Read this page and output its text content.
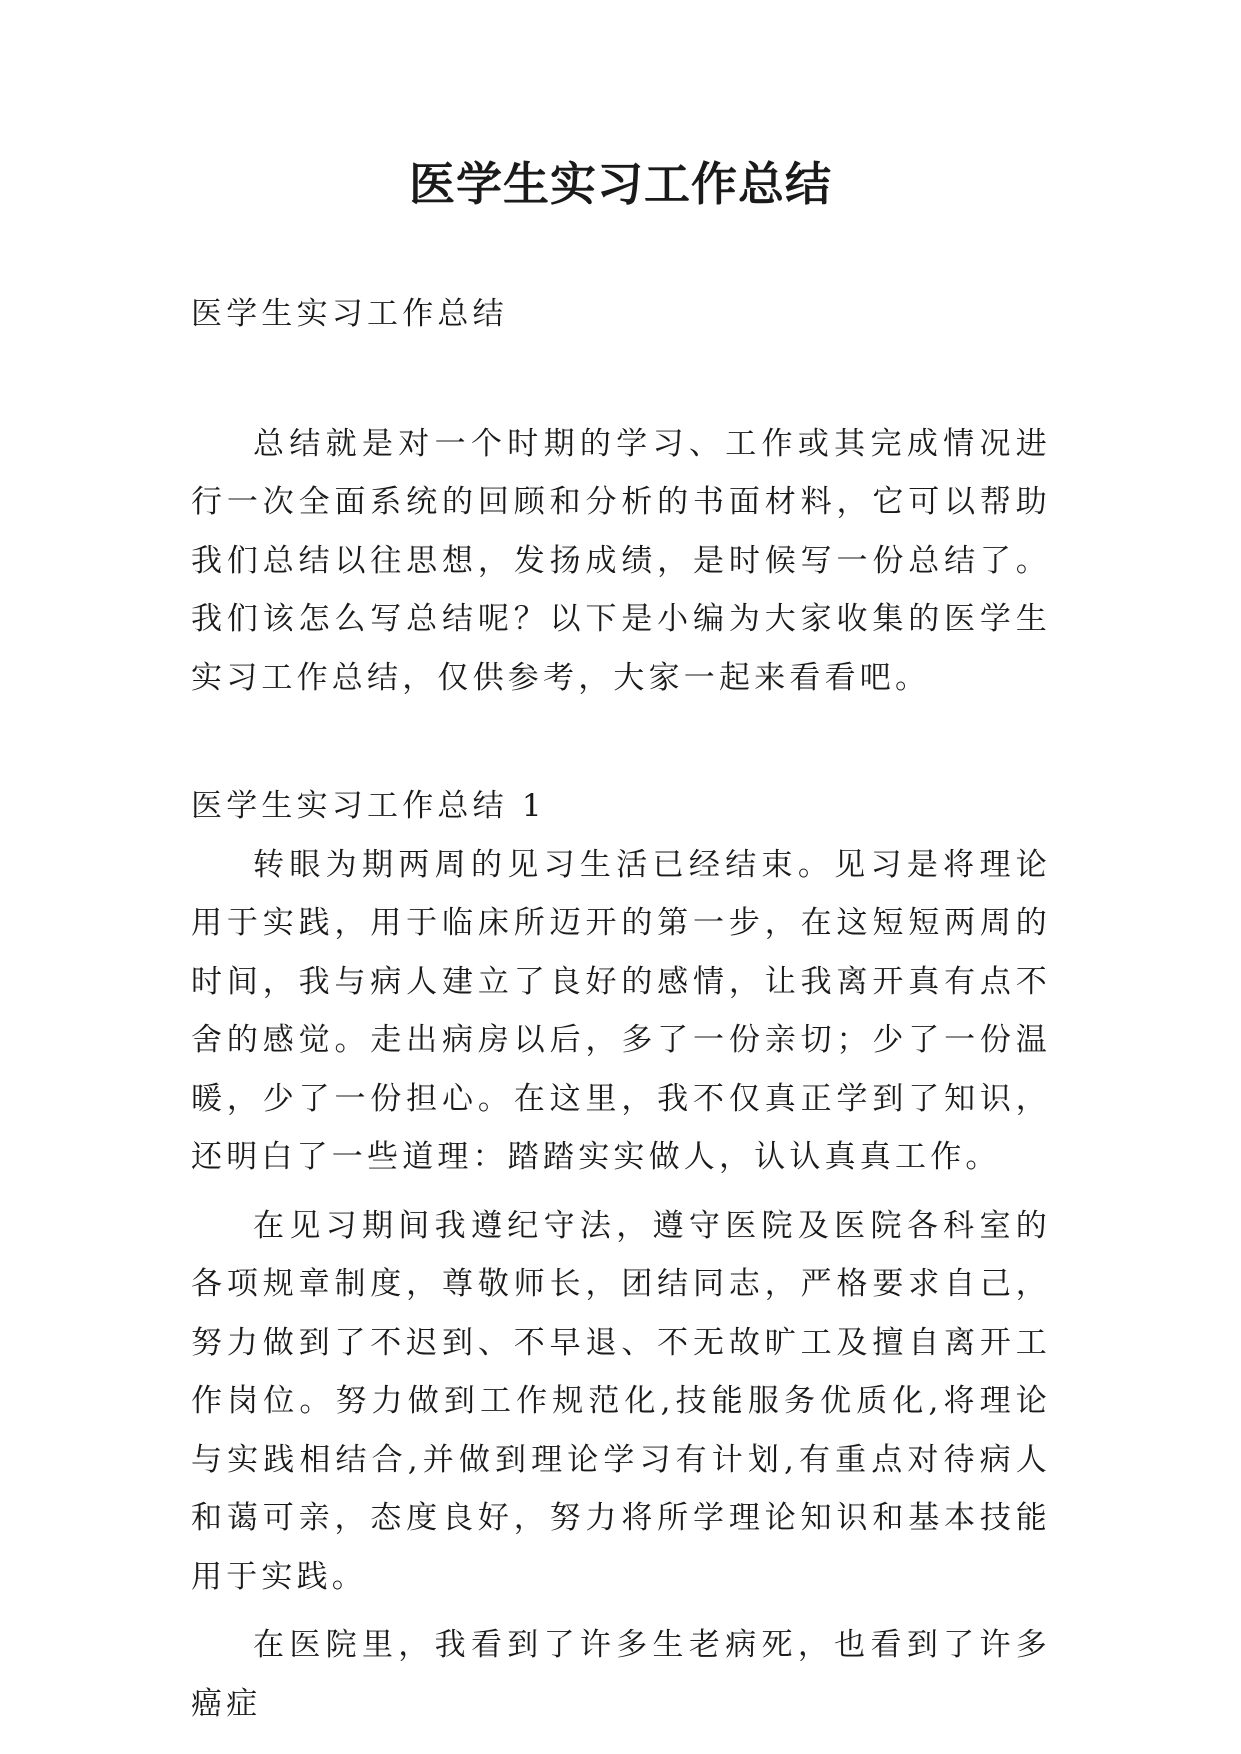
医学生实习工作总结

医学生实习工作总结

总结就是对一个时期的学习、工作或其完成情况进行一次全面系统的回顾和分析的书面材料，它可以帮助我们总结以往思想，发扬成绩，是时候写一份总结了。我们该怎么写总结呢？以下是小编为大家收集的医学生实习工作总结，仅供参考，大家一起来看看吧。

医学生实习工作总结 1

转眼为期两周的见习生活已经结束。见习是将理论用于实践，用于临床所迈开的第一步，在这短短两周的时间，我与病人建立了良好的感情，让我离开真有点不舍的感觉。走出病房以后，多了一份亲切；少了一份温暖，少了一份担心。在这里，我不仅真正学到了知识，还明白了一些道理：踏踏实实做人，认认真真工作。

在见习期间我遵纪守法，遵守医院及医院各科室的各项规章制度，尊敬师长，团结同志，严格要求自己，努力做到了不迟到、不早退、不无故旷工及擅自离开工作岗位。努力做到工作规范化,技能服务优质化,将理论与实践相结合,并做到理论学习有计划,有重点对待病人和蔼可亲，态度良好，努力将所学理论知识和基本技能用于实践。

在医院里，我看到了许多生老病死，也看到了许多癌症
